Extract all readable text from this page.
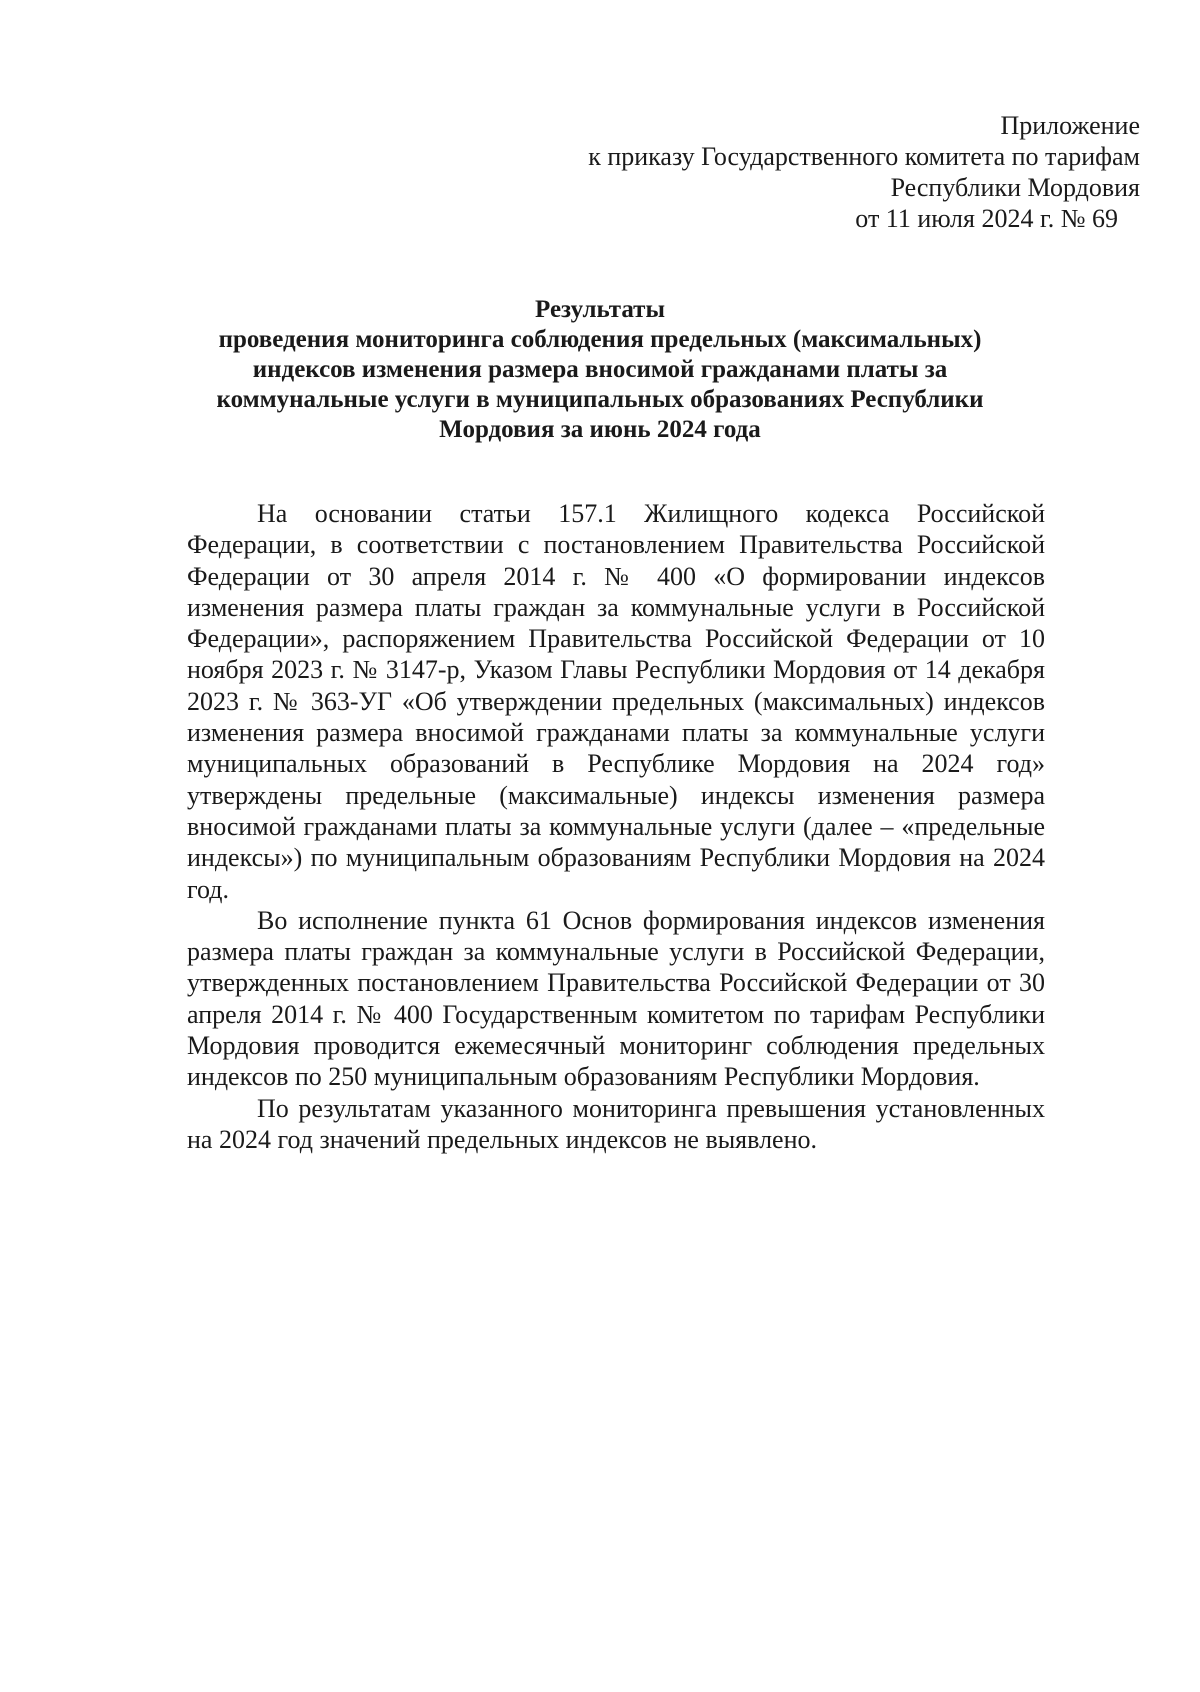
Приложение
к приказу Государственного комитета по тарифам
Республики Мордовия
от 11 июля 2024 г. № 69
Результаты
проведения мониторинга соблюдения предельных (максимальных)
индексов изменения размера вносимой гражданами платы за
коммунальные услуги в муниципальных образованиях Республики
Мордовия за июнь 2024 года

На основании статьи 157.1 Жилищного кодекса Российской Федерации, в соответствии с постановлением Правительства Российской Федерации от 30 апреля 2014 г. № 400 «О формировании индексов изменения размера платы граждан за коммунальные услуги в Российской Федерации», распоряжением Правительства Российской Федерации от 10 ноября 2023 г. № 3147-р, Указом Главы Республики Мордовия от 14 декабря 2023 г. № 363-УГ «Об утверждении предельных (максимальных) индексов изменения размера вносимой гражданами платы за коммунальные услуги муниципальных образований в Республике Мордовия на 2024 год» утверждены предельные (максимальные) индексы изменения размера вносимой гражданами платы за коммунальные услуги (далее – «предельные индексы») по муниципальным образованиям Республики Мордовия на 2024 год.

Во исполнение пункта 61 Основ формирования индексов изменения размера платы граждан за коммунальные услуги в Российской Федерации, утвержденных постановлением Правительства Российской Федерации от 30 апреля 2014 г. № 400 Государственным комитетом по тарифам Республики Мордовия проводится ежемесячный мониторинг соблюдения предельных индексов по 250 муниципальным образованиям Республики Мордовия.

По результатам указанного мониторинга превышения установленных на 2024 год значений предельных индексов не выявлено.
